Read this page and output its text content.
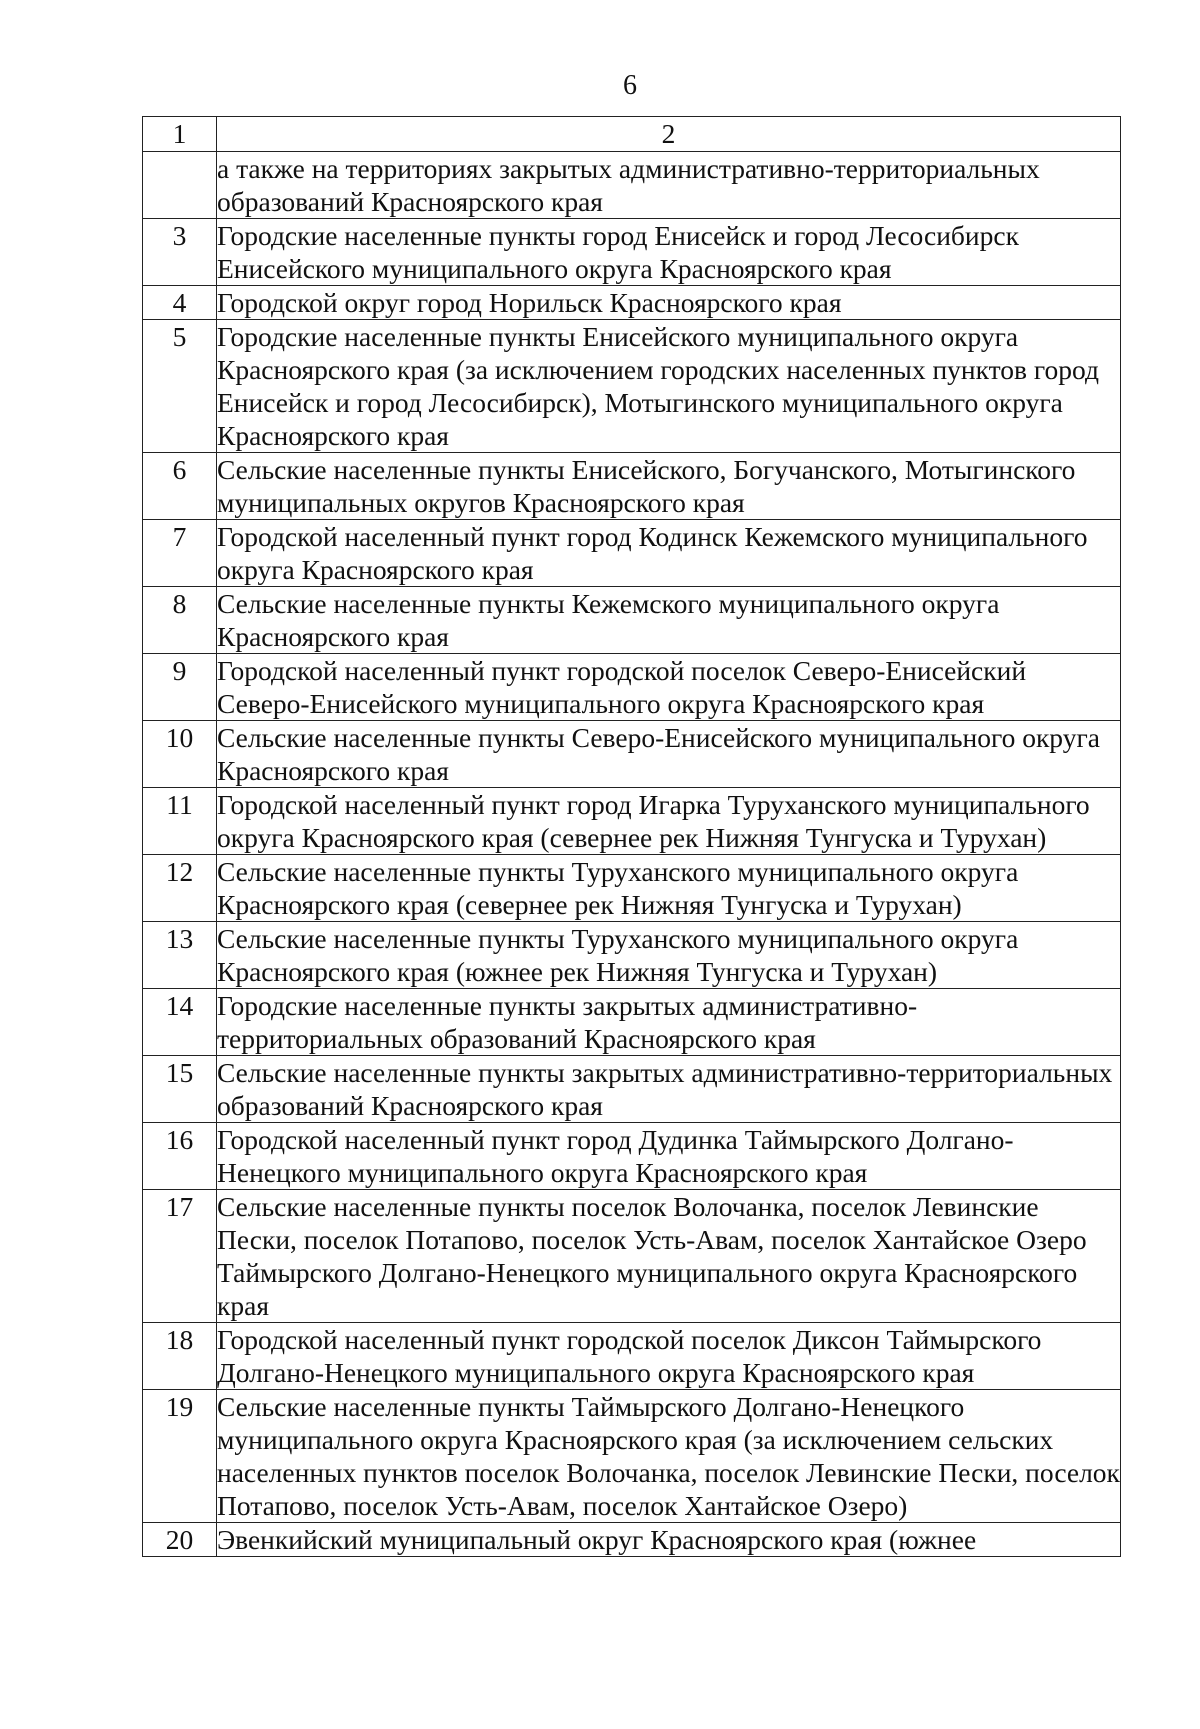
6
1	2
	а также на территориях закрытых административно-территориальных образований Красноярского края
3	Городские населенные пункты город Енисейск и город Лесосибирск Енисейского муниципального округа Красноярского края
4	Городской округ город Норильск Красноярского края
5	Городские населенные пункты Енисейского муниципального округа Красноярского края (за исключением городских населенных пунктов город Енисейск и город Лесосибирск), Мотыгинского муниципального округа Красноярского края
6	Сельские населенные пункты Енисейского, Богучанского, Мотыгинского муниципальных округов Красноярского края
7	Городской населенный пункт город Кодинск Кежемского муниципального округа Красноярского края
8	Сельские населенные пункты Кежемского муниципального округа Красноярского края
9	Городской населенный пункт городской поселок Северо-Енисейский Северо-Енисейского муниципального округа Красноярского края
10	Сельские населенные пункты Северо-Енисейского муниципального округа Красноярского края
11	Городской населенный пункт город Игарка Туруханского муниципального округа Красноярского края (севернее рек Нижняя Тунгуска и Турухан)
12	Сельские населенные пункты Туруханского муниципального округа Красноярского края (севернее рек Нижняя Тунгуска и Турухан)
13	Сельские населенные пункты Туруханского муниципального округа Красноярского края (южнее рек Нижняя Тунгуска и Турухан)
14	Городские населенные пункты закрытых административно-территориальных образований Красноярского края
15	Сельские населенные пункты закрытых административно-территориальных образований Красноярского края
16	Городской населенный пункт город Дудинка Таймырского Долгано-Ненецкого муниципального округа Красноярского края
17	Сельские населенные пункты поселок Волочанка, поселок Левинские Пески, поселок Потапово, поселок Усть-Авам, поселок Хантайское Озеро Таймырского Долгано-Ненецкого муниципального округа Красноярского края
18	Городской населенный пункт городской поселок Диксон Таймырского Долгано-Ненецкого муниципального округа Красноярского края
19	Сельские населенные пункты Таймырского Долгано-Ненецкого муниципального округа Красноярского края (за исключением сельских населенных пунктов поселок Волочанка, поселок Левинские Пески, поселок Потапово, поселок Усть-Авам, поселок Хантайское Озеро)
20	Эвенкийский муниципальный округ Красноярского края (южнее
